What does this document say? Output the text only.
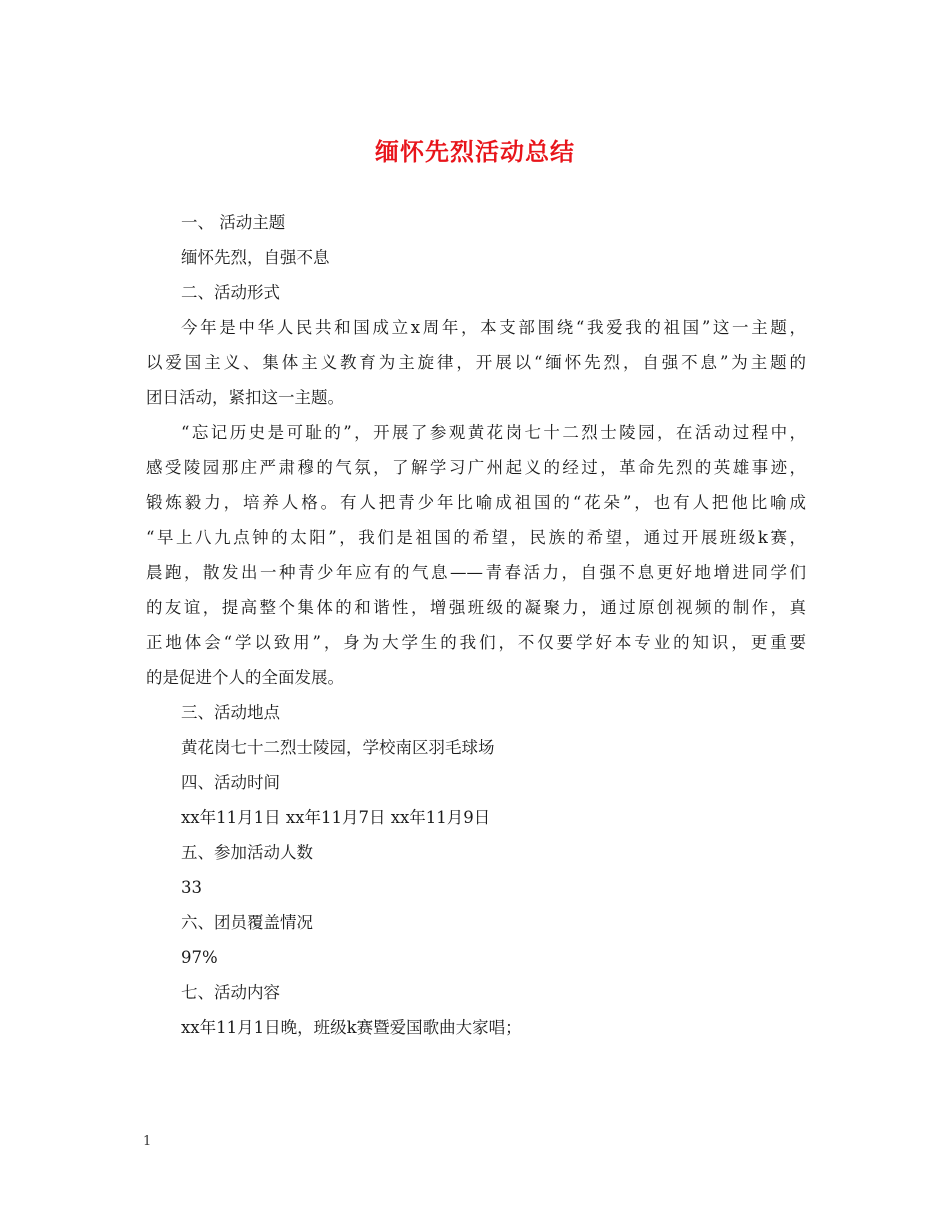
缅怀先烈活动总结
一、 活动主题
缅怀先烈，自强不息
二、活动形式
今年是中华人民共和国成立x周年，本支部围绕“我爱我的祖国”这一主题，
以爱国主义、集体主义教育为主旋律，开展以“缅怀先烈，自强不息”为主题的
团日活动，紧扣这一主题。
“忘记历史是可耻的”，开展了参观黄花岗七十二烈士陵园，在活动过程中，
感受陵园那庄严肃穆的气氛，了解学习广州起义的经过，革命先烈的英雄事迹，
锻炼毅力，培养人格。有人把青少年比喻成祖国的“花朵”，也有人把他比喻成
“早上八九点钟的太阳”，我们是祖国的希望，民族的希望，通过开展班级k赛，
晨跑，散发出一种青少年应有的气息——青春活力，自强不息更好地增进同学们
的友谊，提高整个集体的和谐性，增强班级的凝聚力，通过原创视频的制作，真
正地体会“学以致用”，身为大学生的我们，不仅要学好本专业的知识，更重要
的是促进个人的全面发展。
三、活动地点
黄花岗七十二烈士陵园，学校南区羽毛球场
四、活动时间
xx年11月1日 xx年11月7日 xx年11月9日
五、参加活动人数
33
六、团员覆盖情况
97%
七、活动内容
xx年11月1日晚，班级k赛暨爱国歌曲大家唱；
1
